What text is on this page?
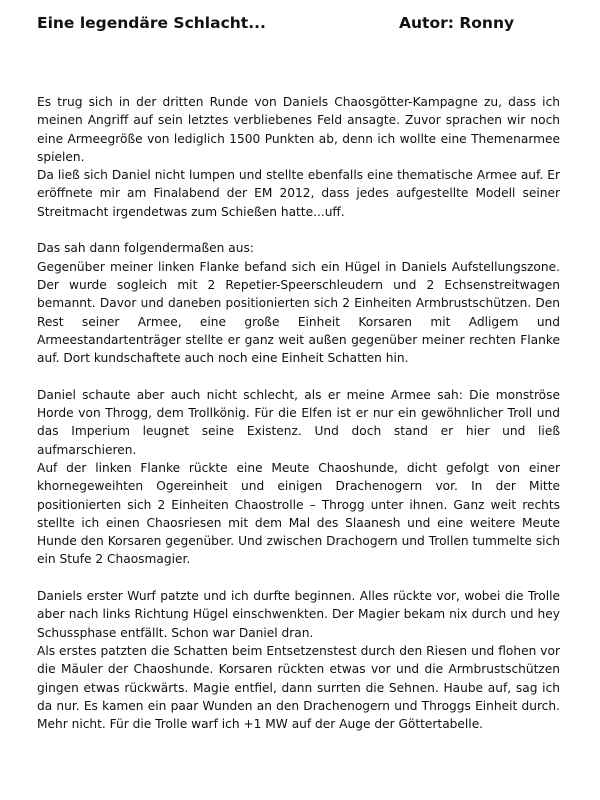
Eine legendäre Schlacht...	Autor: Ronny

Es trug sich in der dritten Runde von Daniels Chaosgötter-Kampagne zu, dass ich meinen Angriff auf sein letztes verbliebenes Feld ansagte. Zuvor sprachen wir noch eine Armeegröße von lediglich 1500 Punkten ab, denn ich wollte eine Themenarmee spielen.

Da ließ sich Daniel nicht lumpen und stellte ebenfalls eine thematische Armee auf. Er eröffnete mir am Finalabend der EM 2012, dass jedes aufgestellte Modell seiner Streitmacht irgendetwas zum Schießen hatte...uff.

Das sah dann folgendermaßen aus:

Gegenüber meiner linken Flanke befand sich ein Hügel in Daniels Aufstellungszone. Der wurde sogleich mit 2 Repetier-Speerschleudern und 2 Echsenstreitwagen bemannt. Davor und daneben positionierten sich 2 Einheiten Armbrustschützen. Den Rest seiner Armee, eine große Einheit Korsaren mit Adligem und Armeestandartenträger stellte er ganz weit außen gegenüber meiner rechten Flanke auf. Dort kundschaftete auch noch eine Einheit Schatten hin.

Daniel schaute aber auch nicht schlecht, als er meine Armee sah: Die monströse Horde von Throgg, dem Trollkönig. Für die Elfen ist er nur ein gewöhnlicher Troll und das Imperium leugnet seine Existenz. Und doch stand er hier und ließ aufmarschieren.

Auf der linken Flanke rückte eine Meute Chaoshunde, dicht gefolgt von einer khornegeweihten Ogereinheit und einigen Drachenogern vor. In der Mitte positionierten sich 2 Einheiten Chaostrolle – Throgg unter ihnen. Ganz weit rechts stellte ich einen Chaosriesen mit dem Mal des Slaanesh und eine weitere Meute Hunde den Korsaren gegenüber. Und zwischen Drachogern und Trollen tummelte sich ein Stufe 2 Chaosmagier.

Daniels erster Wurf patzte und ich durfte beginnen. Alles rückte vor, wobei die Trolle aber nach links Richtung Hügel einschwenkten. Der Magier bekam nix durch und hey Schussphase entfällt. Schon war Daniel dran.

Als erstes patzten die Schatten beim Entsetzenstest durch den Riesen und flohen vor die Mäuler der Chaoshunde. Korsaren rückten etwas vor und die Armbrustschützen gingen etwas rückwärts. Magie entfiel, dann surrten die Sehnen. Haube auf, sag ich da nur. Es kamen ein paar Wunden an den Drachenogern und Throggs Einheit durch. Mehr nicht. Für die Trolle warf ich +1 MW auf der Auge der Göttertabelle.
